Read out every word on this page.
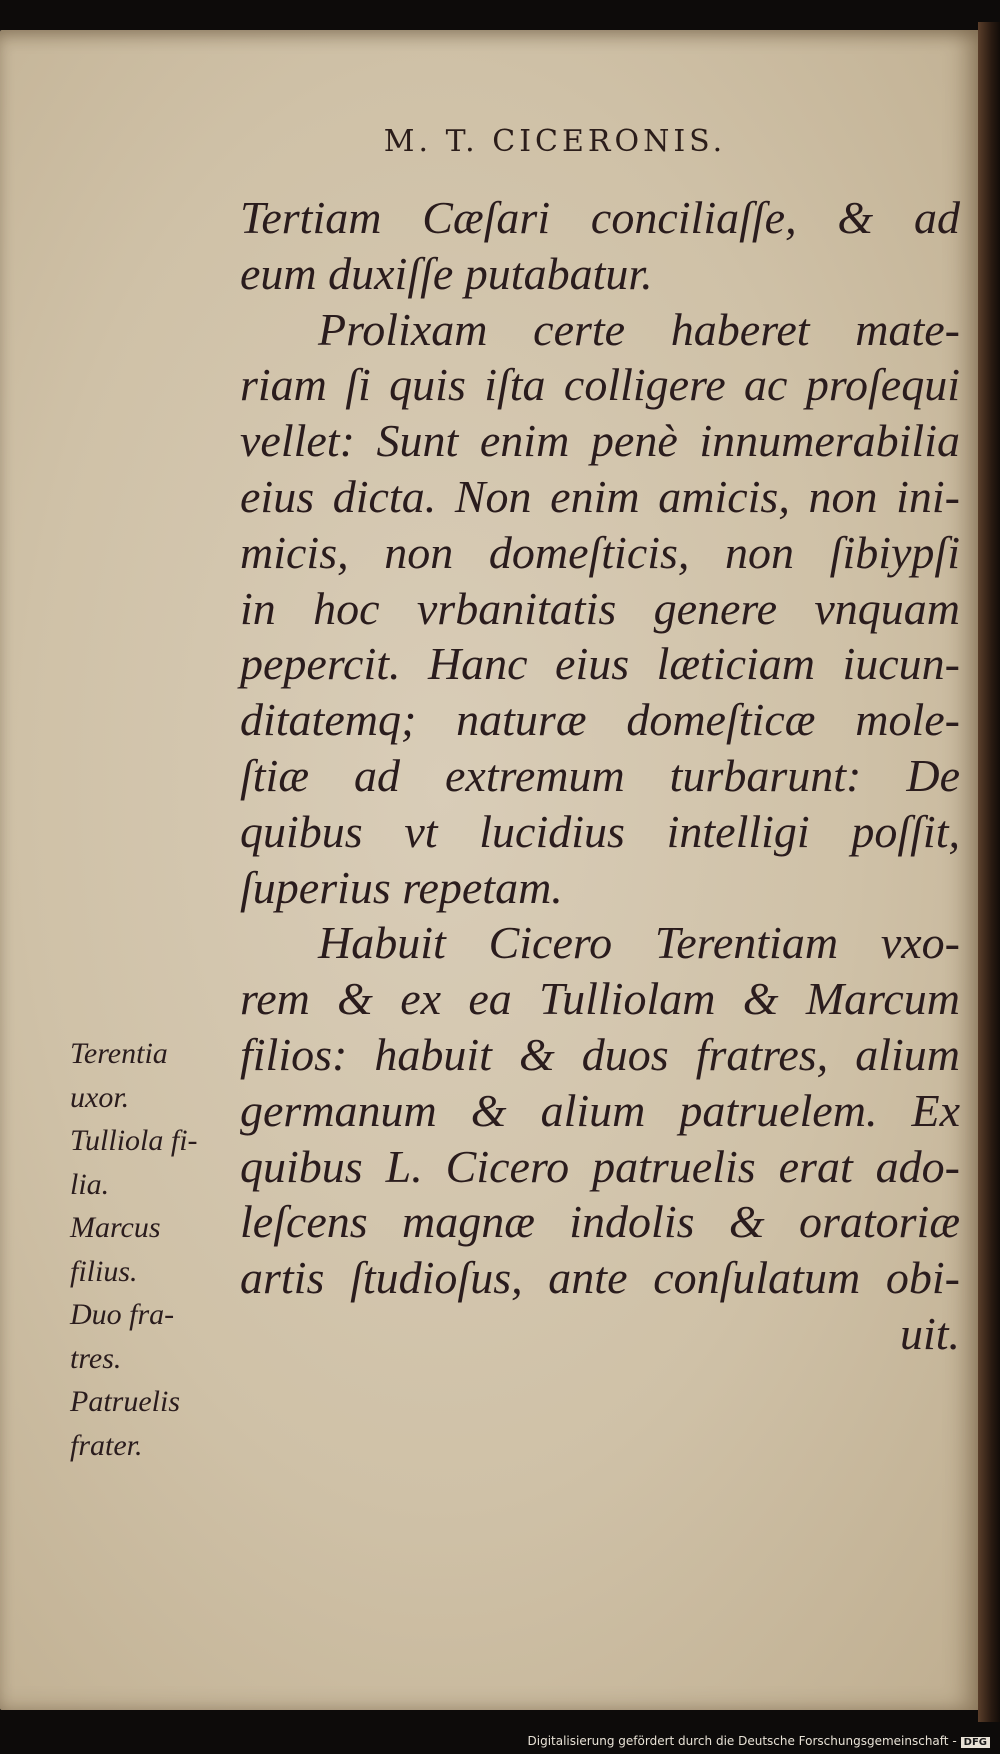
M. T. CICERONIS.
Tertiam Cæſari conciliaſſe, & ad
eum duxiſſe putabatur.
Prolixam certe haberet mate-
riam ſi quis iſta colligere ac proſequi
vellet: Sunt enim penè innumerabilia
eius dicta. Non enim amicis, non ini-
micis, non domeſticis, non ſibiypſi
in hoc vrbanitatis genere vnquam
pepercit. Hanc eius læticiam iucun-
ditatemq; naturæ domeſticæ mole-
ſtiæ ad extremum turbarunt: De
quibus vt lucidius intelligi poſſit,
ſuperius repetam.
Habuit Cicero Terentiam vxo-
rem & ex ea Tulliolam & Marcum
filios: habuit & duos fratres, alium
germanum & alium patruelem. Ex
quibus L. Cicero patruelis erat ado-
leſcens magnæ indolis & oratoriæ
artis ſtudioſus, ante conſulatum obi-
uit.
Terentia
uxor.
Tulliola fi-
lia.
Marcus
filius.
Duo fra-
tres.
Patruelis
frater.
Digitalisierung gefördert durch die Deutsche Forschungsgemeinschaft - DFG
